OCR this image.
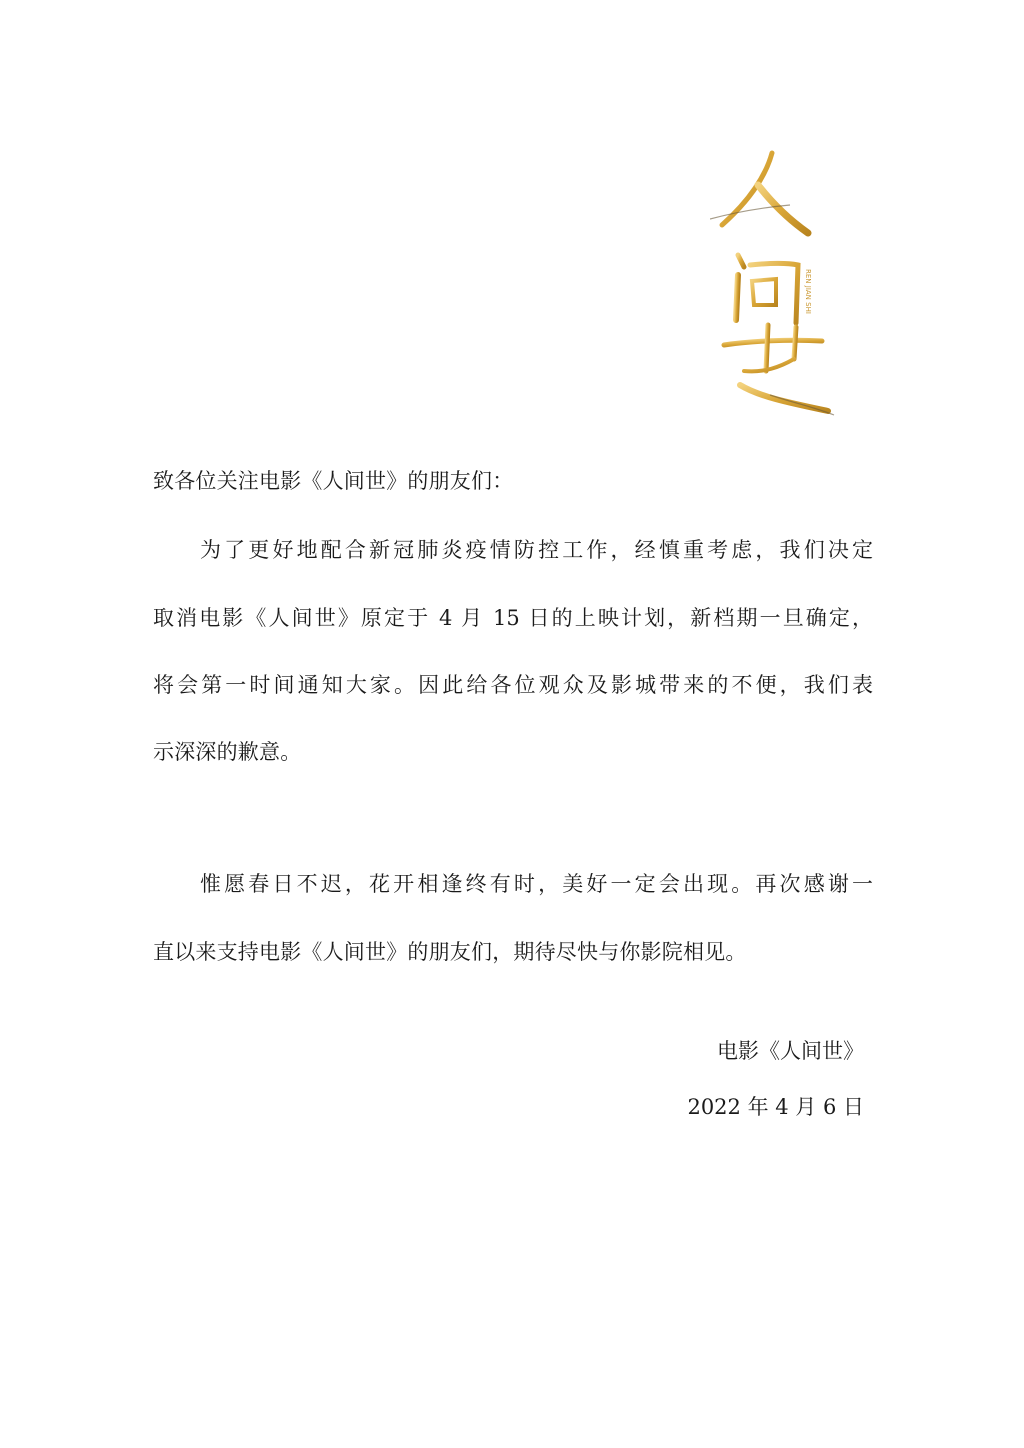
REN JIAN SHI
致各位关注电影《人间世》的朋友们：
为了更好地配合新冠肺炎疫情防控工作，经慎重考虑，我们决定
取消电影《人间世》原定于 4 月 15 日的上映计划，新档期一旦确定，
将会第一时间通知大家。因此给各位观众及影城带来的不便，我们表
示深深的歉意。
惟愿春日不迟，花开相逢终有时，美好一定会出现。再次感谢一
直以来支持电影《人间世》的朋友们，期待尽快与你影院相见。
电影《人间世》
2022 年 4 月 6 日
